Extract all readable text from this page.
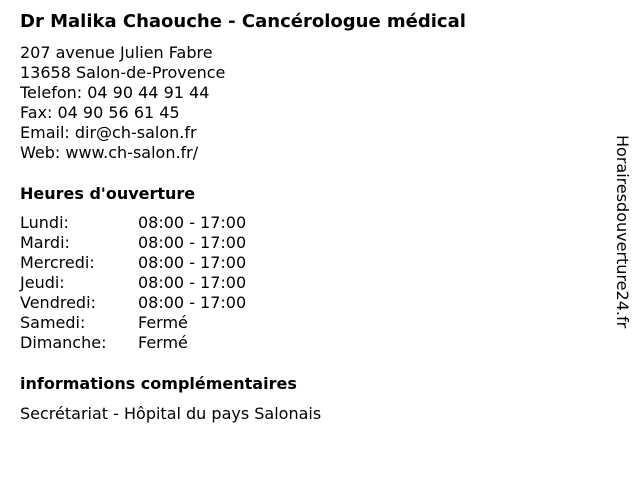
Dr Malika Chaouche - Cancérologue médical
207 avenue Julien Fabre
13658 Salon-de-Provence
Telefon: 04 90 44 91 44
Fax: 04 90 56 61 45
Email: dir@ch-salon.fr
Web: www.ch-salon.fr/
Heures d'ouverture
Lundi:	08:00 - 17:00
Mardi:	08:00 - 17:00
Mercredi:	08:00 - 17:00
Jeudi:	08:00 - 17:00
Vendredi:	08:00 - 17:00
Samedi:	Fermé
Dimanche: Fermé
informations complémentaires
Secrétariat - Hôpital du pays Salonais
Horairesdouverture24.fr
